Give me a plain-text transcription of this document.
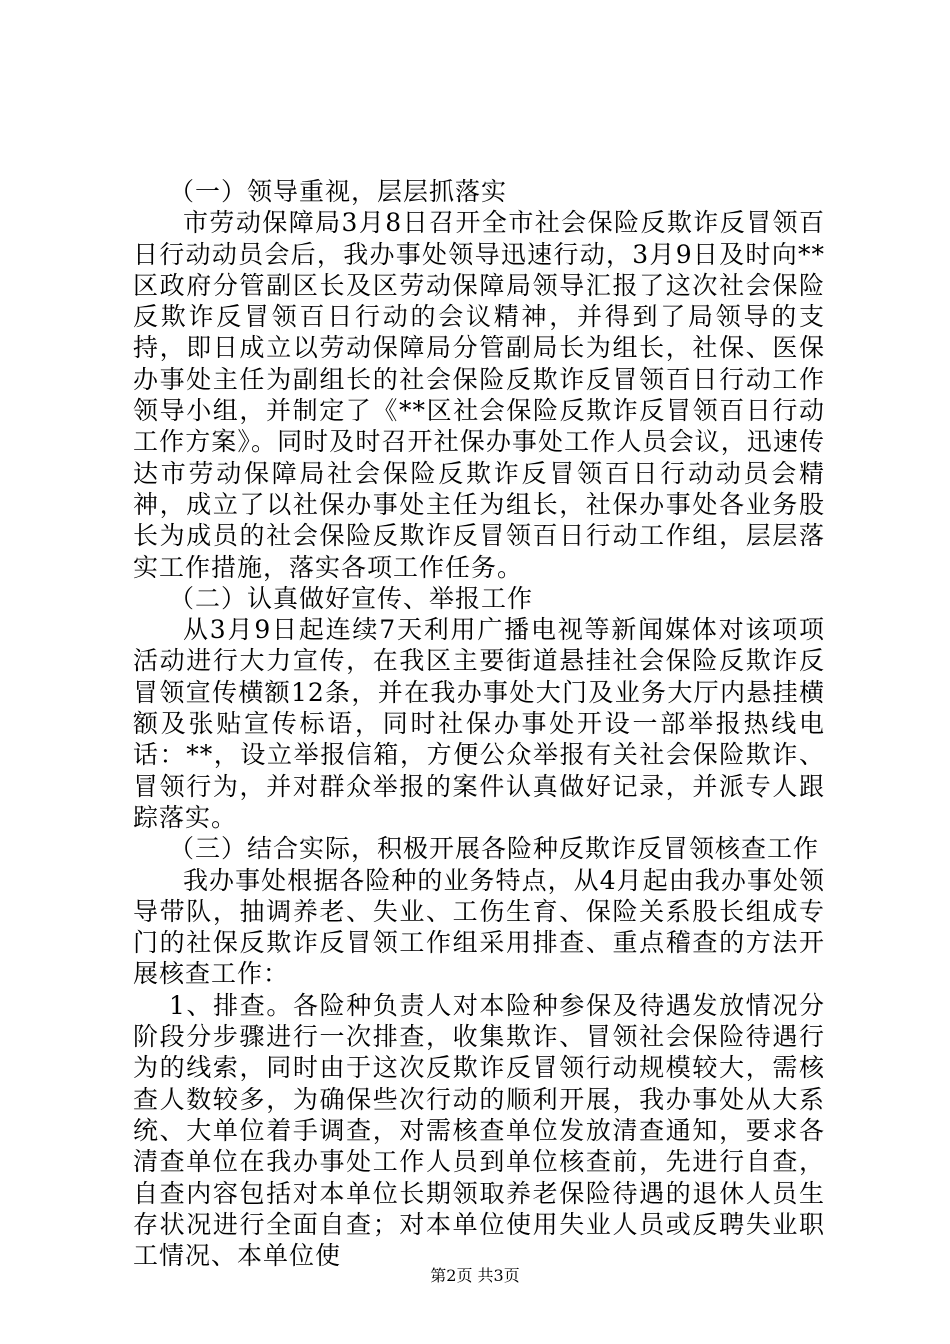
（一）领导重视，层层抓落实

市劳动保障局3月8日召开全市社会保险反欺诈反冒领百日行动动员会后，我办事处领导迅速行动，3月9日及时向**区政府分管副区长及区劳动保障局领导汇报了这次社会保险反欺诈反冒领百日行动的会议精神，并得到了局领导的支持，即日成立以劳动保障局分管副局长为组长，社保、医保办事处主任为副组长的社会保险反欺诈反冒领百日行动工作领导小组，并制定了《**区社会保险反欺诈反冒领百日行动工作方案》。同时及时召开社保办事处工作人员会议，迅速传达市劳动保障局社会保险反欺诈反冒领百日行动动员会精神，成立了以社保办事处主任为组长，社保办事处各业务股长为成员的社会保险反欺诈反冒领百日行动工作组，层层落实工作措施，落实各项工作任务。

（二）认真做好宣传、举报工作

从3月9日起连续7天利用广播电视等新闻媒体对该项项活动进行大力宣传，在我区主要街道悬挂社会保险反欺诈反冒领宣传横额12条，并在我办事处大门及业务大厅内悬挂横额及张贴宣传标语，同时社保办事处开设一部举报热线电话：**，设立举报信箱，方便公众举报有关社会保险欺诈、冒领行为，并对群众举报的案件认真做好记录，并派专人跟踪落实。

（三）结合实际，积极开展各险种反欺诈反冒领核查工作

我办事处根据各险种的业务特点，从4月起由我办事处领导带队，抽调养老、失业、工伤生育、保险关系股长组成专门的社保反欺诈反冒领工作组采用排查、重点稽查的方法开展核查工作：

1、排查。各险种负责人对本险种参保及待遇发放情况分阶段分步骤进行一次排查，收集欺诈、冒领社会保险待遇行为的线索，同时由于这次反欺诈反冒领行动规模较大，需核查人数较多，为确保些次行动的顺利开展，我办事处从大系统、大单位着手调查，对需核查单位发放清查通知，要求各清查单位在我办事处工作人员到单位核查前，先进行自查，自查内容包括对本单位长期领取养老保险待遇的退休人员生存状况进行全面自查；对本单位使用失业人员或反聘失业职工情况、本单位使

第2页 共3页
